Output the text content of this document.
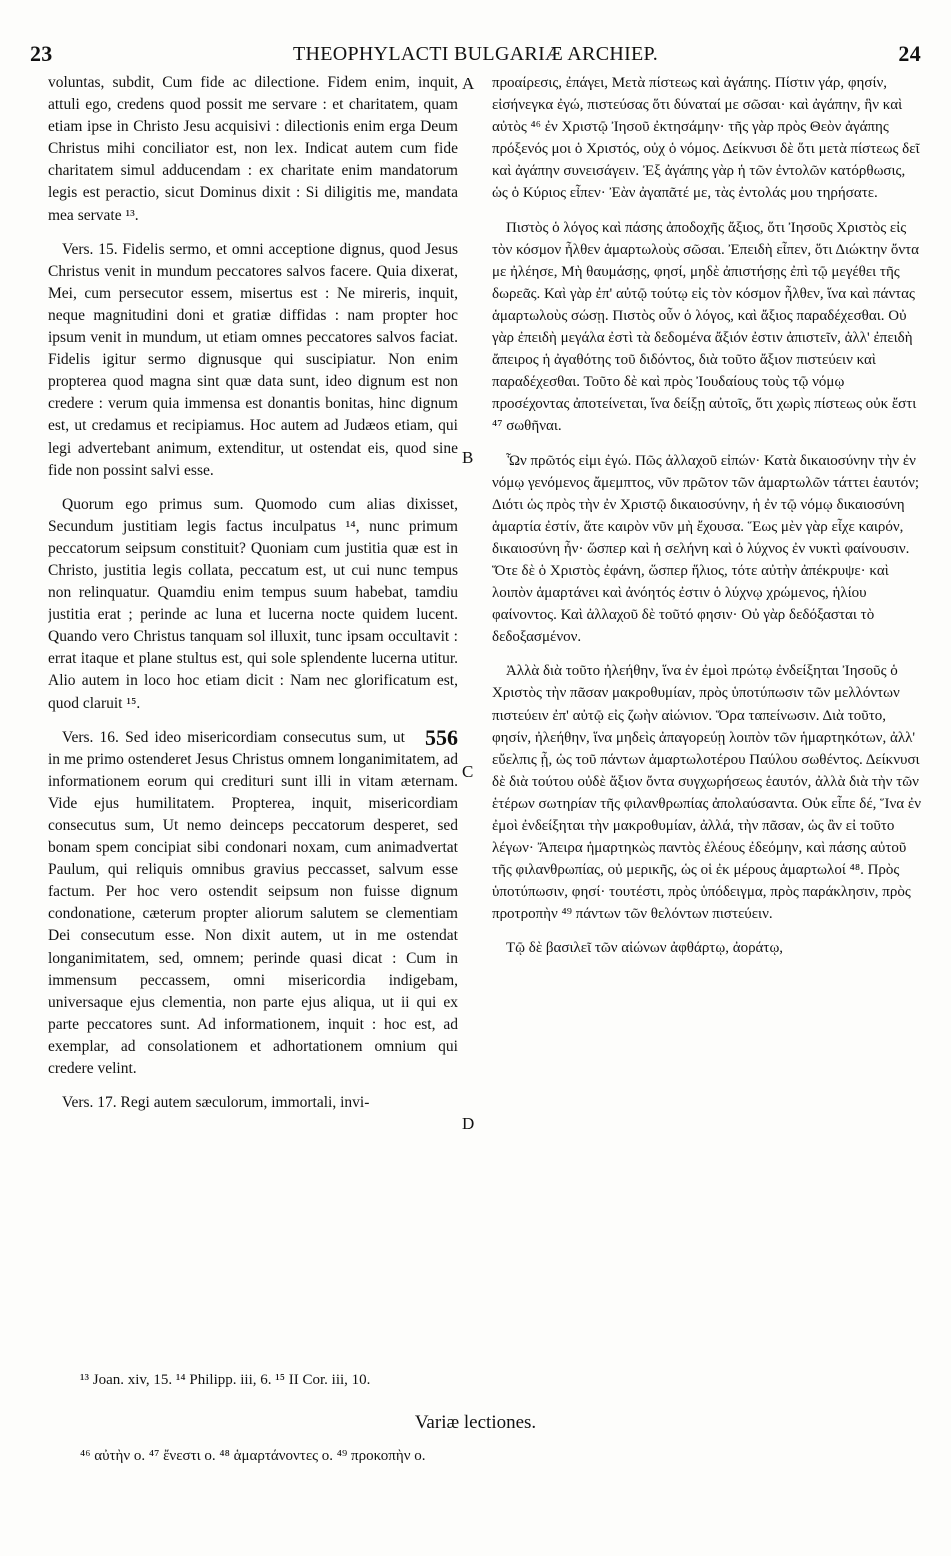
23	THEOPHYLACTI BULGARIÆ ARCHIEP.	24

voluntas, subdit, Cum fide ac dilectione. Fidem enim, inquit, attuli ego, credens quod possit me servare : et charitatem, quam etiam ipse in Christo Jesu acquisivi : dilectionis enim erga Deum Christus mihi conciliator est, non lex. Indicat autem cum fide charitatem simul adducendam : ex charitate enim mandatorum legis est peractio, sicut Dominus dixit : Si diligitis me, mandata mea servate ¹³.

Vers. 15. Fidelis sermo, et omni acceptione dignus, quod Jesus Christus venit in mundum peccatores salvos facere. Quia dixerat, Mei, cum persecutor essem, misertus est : Ne mireris, inquit, neque magnitudini doni et gratiæ diffidas : nam propter hoc ipsum venit in mundum, ut etiam omnes peccatores salvos faciat. Fidelis igitur sermo dignusque qui suscipiatur. Non enim propterea quod magna sint quæ data sunt, ideo dignum est non credere : verum quia immensa est donantis bonitas, hinc dignum est, ut credamus et recipiamus. Hoc autem ad Judæos etiam, qui legi advertebant animum, extenditur, ut ostendat eis, quod sine fide non possint salvi esse.

Quorum ego primus sum. Quomodo cum alias dixisset, Secundum justitiam legis factus inculpatus ¹⁴, nunc primum peccatorum seipsum constituit? Quoniam cum justitia quæ est in Christo, justitia legis collata, peccatum est, ut cui nunc tempus non relinquatur. Quamdiu enim tempus suum habebat, tamdiu justitia erat ; perinde ac luna et lucerna nocte quidem lucent. Quando vero Christus tanquam sol illuxit, tunc ipsam occultavit : errat itaque et plane stultus est, qui sole splendente lucerna utitur. Alio autem in loco hoc etiam dicit : Nam nec glorificatum est, quod claruit ¹⁵.

556
Vers. 16. Sed ideo misericordiam consecutus sum, ut in me primo ostenderet Jesus Christus omnem longanimitatem, ad informationem eorum qui credituri sunt illi in vitam æternam. Vide ejus humilitatem. Propterea, inquit, misericordiam consecutus sum, Ut nemo deinceps peccatorum desperet, sed bonam spem concipiat sibi condonari noxam, cum animadvertat Paulum, qui reliquis omnibus gravius peccasset, salvum esse factum. Per hoc vero ostendit seipsum non fuisse dignum condonatione, cæterum propter aliorum salutem se clementiam Dei consecutum esse. Non dixit autem, ut in me ostendat longanimitatem, sed, omnem; perinde quasi dicat : Cum in immensum peccassem, omni misericordia indigebam, universaque ejus clementia, non parte ejus aliqua, ut ii qui ex parte peccatores sunt. Ad informationem, inquit : hoc est, ad exemplar, ad consolationem et adhortationem omnium qui credere velint.

Vers. 17. Regi autem sæculorum, immortali, invi-

A
B
C
D

προαίρεσις, ἐπάγει, Μετὰ πίστεως καὶ ἀγάπης. Πίστιν γάρ, φησίν, εἰσήνεγκα ἐγώ, πιστεύσας ὅτι δύναταί με σῶσαι· καὶ ἀγάπην, ἣν καὶ αὐτὸς ⁴⁶ ἐν Χριστῷ Ἰησοῦ ἐκτησάμην· τῆς γὰρ πρὸς Θεὸν ἀγάπης πρόξενός μοι ὁ Χριστός, οὐχ ὁ νόμος. Δείκνυσι δὲ ὅτι μετὰ πίστεως δεῖ καὶ ἀγάπην συνεισάγειν. Ἐξ ἀγάπης γὰρ ἡ τῶν ἐντολῶν κατόρθωσις, ὡς ὁ Κύριος εἶπεν· Ἐὰν ἀγαπᾶτέ με, τὰς ἐντολάς μου τηρήσατε.

Πιστὸς ὁ λόγος καὶ πάσης ἀποδοχῆς ἄξιος, ὅτι Ἰησοῦς Χριστὸς εἰς τὸν κόσμον ἦλθεν ἁμαρτωλοὺς σῶσαι. Ἐπειδὴ εἶπεν, ὅτι Διώκτην ὄντα με ἠλέησε, Μὴ θαυμάσῃς, φησί, μηδὲ ἀπιστήσῃς ἐπὶ τῷ μεγέθει τῆς δωρεᾶς. Καὶ γὰρ ἐπ' αὐτῷ τούτῳ εἰς τὸν κόσμον ἦλθεν, ἵνα καὶ πάντας ἁμαρτωλοὺς σώσῃ. Πιστὸς οὖν ὁ λόγος, καὶ ἄξιος παραδέχεσθαι. Οὐ γὰρ ἐπειδὴ μεγάλα ἐστὶ τὰ δεδομένα ἄξιόν ἐστιν ἀπιστεῖν, ἀλλ' ἐπειδὴ ἄπειρος ἡ ἀγαθότης τοῦ διδόντος, διὰ τοῦτο ἄξιον πιστεύειν καὶ παραδέχεσθαι. Τοῦτο δὲ καὶ πρὸς Ἰουδαίους τοὺς τῷ νόμῳ προσέχοντας ἀποτείνεται, ἵνα δείξῃ αὐτοῖς, ὅτι χωρὶς πίστεως οὐκ ἔστι ⁴⁷ σωθῆναι.

Ὧν πρῶτός εἰμι ἐγώ. Πῶς ἀλλαχοῦ εἰπών· Κατὰ δικαιοσύνην τὴν ἐν νόμῳ γενόμενος ἄμεμπτος, νῦν πρῶτον τῶν ἁμαρτωλῶν τάττει ἑαυτόν; Διότι ὡς πρὸς τὴν ἐν Χριστῷ δικαιοσύνην, ἡ ἐν τῷ νόμῳ δικαιοσύνη ἁμαρτία ἐστίν, ἅτε καιρὸν νῦν μὴ ἔχουσα. Ἕως μὲν γὰρ εἶχε καιρόν, δικαιοσύνη ἦν· ὥσπερ καὶ ἡ σελήνη καὶ ὁ λύχνος ἐν νυκτὶ φαίνουσιν. Ὅτε δὲ ὁ Χριστὸς ἐφάνη, ὥσπερ ἥλιος, τότε αὐτὴν ἀπέκρυψε· καὶ λοιπὸν ἁμαρτάνει καὶ ἀνόητός ἐστιν ὁ λύχνῳ χρώμενος, ἡλίου φαίνοντος. Καὶ ἀλλαχοῦ δὲ τοῦτό φησιν· Οὐ γὰρ δεδόξασται τὸ δεδοξασμένον.

Ἀλλὰ διὰ τοῦτο ἠλεήθην, ἵνα ἐν ἐμοὶ πρώτῳ ἐνδείξηται Ἰησοῦς ὁ Χριστὸς τὴν πᾶσαν μακροθυμίαν, πρὸς ὑποτύπωσιν τῶν μελλόντων πιστεύειν ἐπ' αὐτῷ εἰς ζωὴν αἰώνιον. Ὅρα ταπείνωσιν. Διὰ τοῦτο, φησίν, ἠλεήθην, ἵνα μηδεὶς ἀπαγορεύῃ λοιπὸν τῶν ἡμαρτηκότων, ἀλλ' εὔελπις ᾖ, ὡς τοῦ πάντων ἁμαρτωλοτέρου Παύλου σωθέντος. Δείκνυσι δὲ διὰ τούτου οὐδὲ ἄξιον ὄντα συγχωρήσεως ἑαυτόν, ἀλλὰ διὰ τὴν τῶν ἑτέρων σωτηρίαν τῆς φιλανθρωπίας ἀπολαύσαντα. Οὐκ εἶπε δέ, Ἵνα ἐν ἐμοὶ ἐνδείξηται τὴν μακροθυμίαν, ἀλλά, τὴν πᾶσαν, ὡς ἂν εἰ τοῦτο λέγων· Ἄπειρα ἡμαρτηκὼς παντὸς ἐλέους ἐδεόμην, καὶ πάσης αὐτοῦ τῆς φιλανθρωπίας, οὐ μερικῆς, ὡς οἱ ἐκ μέρους ἁμαρτωλοί ⁴⁸. Πρὸς ὑποτύπωσιν, φησί· τουτέστι, πρὸς ὑπόδειγμα, πρὸς παράκλησιν, πρὸς προτροπὴν ⁴⁹ πάντων τῶν θελόντων πιστεύειν.

Τῷ δὲ βασιλεῖ τῶν αἰώνων ἀφθάρτῳ, ἀοράτῳ,

¹³ Joan. xiv, 15. ¹⁴ Philipp. iii, 6. ¹⁵ II Cor. iii, 10.
Variæ lectiones.
⁴⁶ αὐτὴν ο. ⁴⁷ ἔνεστι ο. ⁴⁸ ἁμαρτάνοντες ο. ⁴⁹ προκοπὴν ο.
